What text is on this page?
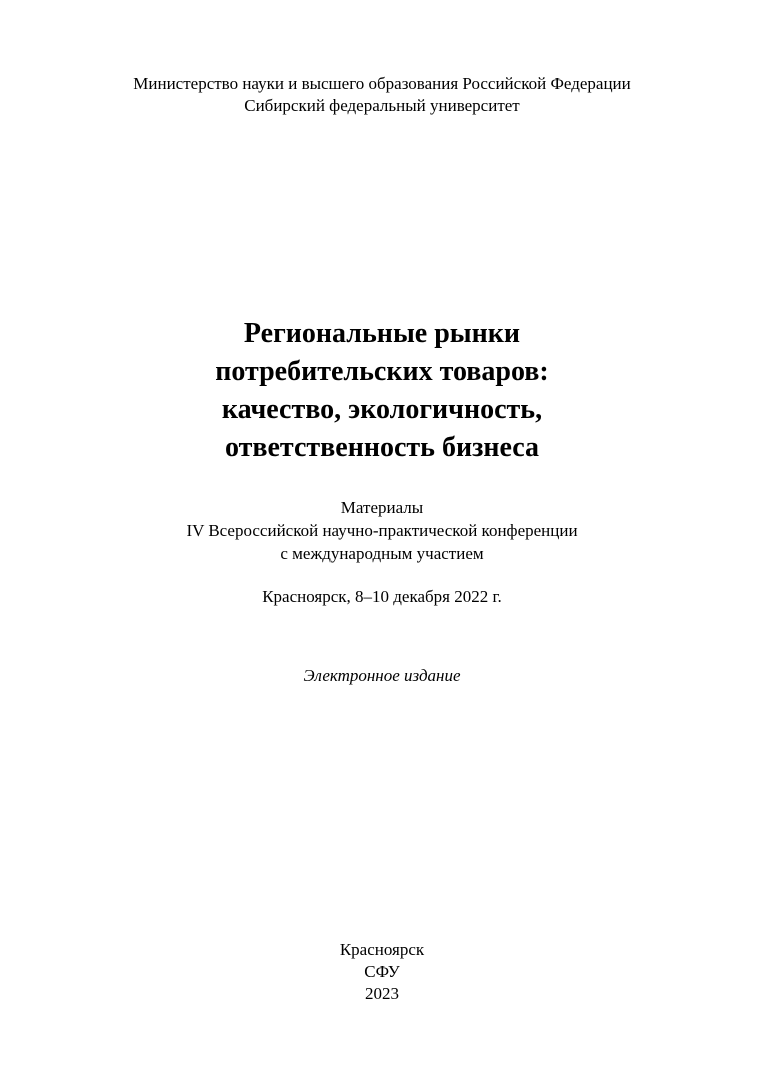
Министерство науки и высшего образования Российской Федерации
Сибирский федеральный университет
Региональные рынки
потребительских товаров:
качество, экологичность,
ответственность бизнеса
Материалы
IV Всероссийской научно-практической конференции
с международным участием
Красноярск, 8–10 декабря 2022 г.
Электронное издание
Красноярск
СФУ
2023
